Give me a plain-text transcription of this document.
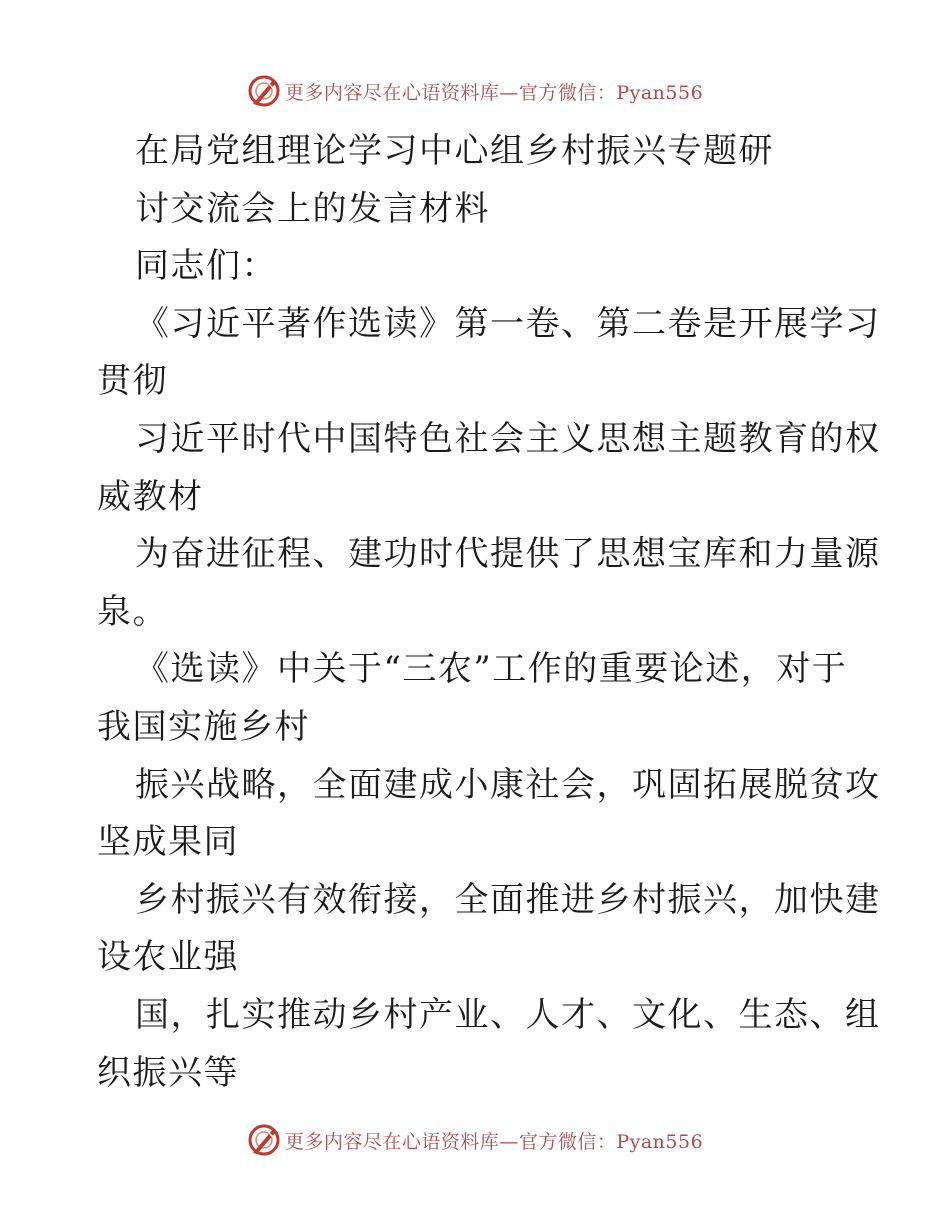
更多内容尽在心语资料库—官方微信：Pyan556
在局党组理论学习中心组乡村振兴专题研
讨交流会上的发言材料
同志们：
《习近平著作选读》第一卷、第二卷是开展学习
贯彻
习近平时代中国特色社会主义思想主题教育的权
威教材
为奋进征程、建功时代提供了思想宝库和力量源
泉。
《选读》中关于“三农”工作的重要论述，对于
我国实施乡村
振兴战略，全面建成小康社会，巩固拓展脱贫攻
坚成果同
乡村振兴有效衔接，全面推进乡村振兴，加快建
设农业强
国，扎实推动乡村产业、人才、文化、生态、组
织振兴等
更多内容尽在心语资料库—官方微信：Pyan556
